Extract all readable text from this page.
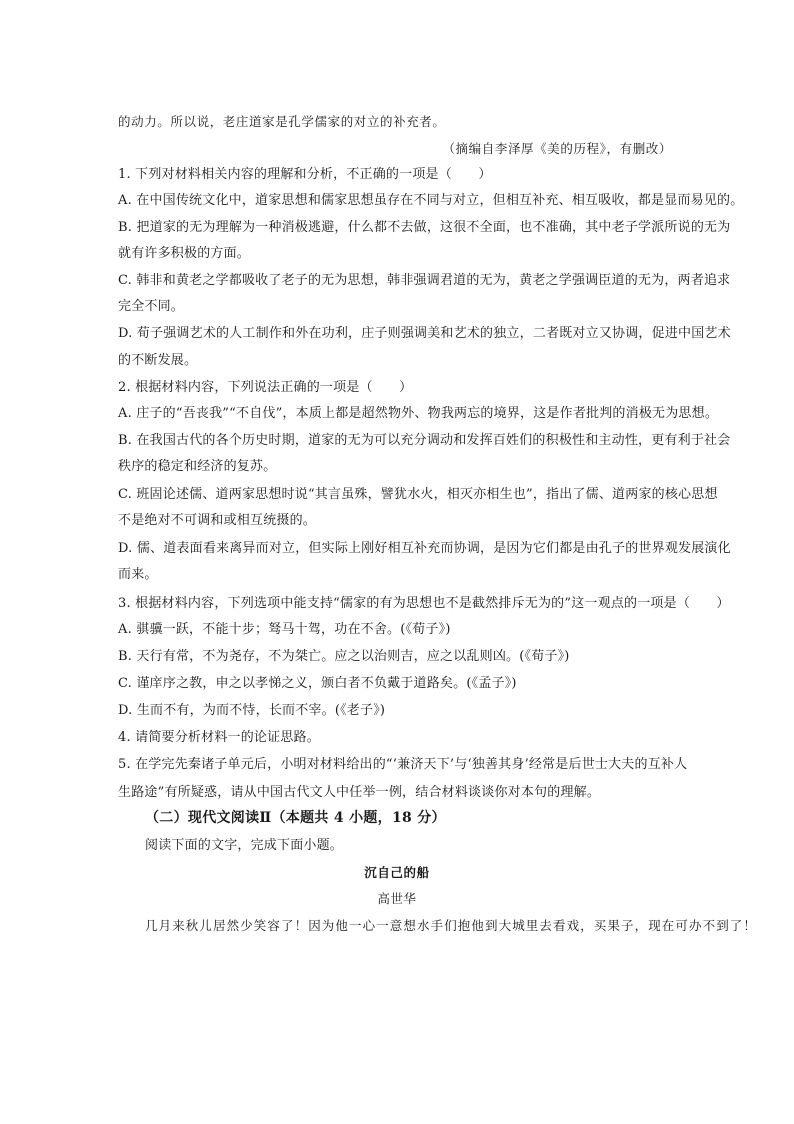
的动力。所以说，老庄道家是孔学儒家的对立的补充者。
（摘编自李泽厚《美的历程》，有删改）
1. 下列对材料相关内容的理解和分析，不正确的一项是（　　）
A. 在中国传统文化中，道家思想和儒家思想虽存在不同与对立，但相互补充、相互吸收，都是显而易见的。
B. 把道家的无为理解为一种消极逃避，什么都不去做，这很不全面，也不准确，其中老子学派所说的无为
就有许多积极的方面。
C. 韩非和黄老之学都吸收了老子的无为思想，韩非强调君道的无为，黄老之学强调臣道的无为，两者追求
完全不同。
D. 荀子强调艺术的人工制作和外在功利，庄子则强调美和艺术的独立，二者既对立又协调，促进中国艺术
的不断发展。
2. 根据材料内容，下列说法正确的一项是（　　）
A. 庄子的“吾丧我”“不自伐”，本质上都是超然物外、物我两忘的境界，这是作者批判的消极无为思想。
B. 在我国古代的各个历史时期，道家的无为可以充分调动和发挥百姓们的积极性和主动性，更有利于社会
秩序的稳定和经济的复苏。
C. 班固论述儒、道两家思想时说“其言虽殊，譬犹水火，相灭亦相生也”，指出了儒、道两家的核心思想
不是绝对不可调和或相互统摄的。
D. 儒、道表面看来离异而对立，但实际上刚好相互补充而协调，是因为它们都是由孔子的世界观发展演化
而来。
3. 根据材料内容，下列选项中能支持“儒家的有为思想也不是截然排斥无为的”这一观点的一项是（　　）
A. 骐骥一跃，不能十步；驽马十驾，功在不舍。(《荀子》)
B. 天行有常，不为尧存，不为桀亡。应之以治则吉，应之以乱则凶。(《荀子》)
C. 谨庠序之教，申之以孝悌之义，颁白者不负戴于道路矣。(《孟子》)
D. 生而不有，为而不恃，长而不宰。(《老子》)
4. 请简要分析材料一的论证思路。
5. 在学完先秦诸子单元后，小明对材料给出的“‘兼济天下’与‘独善其身’经常是后世士大夫的互补人
生路途”有所疑惑，请从中国古代文人中任举一例，结合材料谈谈你对本句的理解。
（二）现代文阅读Ⅱ（本题共 4 小题，18 分）
阅读下面的文字，完成下面小题。
沉自己的船
高世华
几月来秋儿居然少笑容了！因为他一心一意想水手们抱他到大城里去看戏，买果子，现在可办不到了！
